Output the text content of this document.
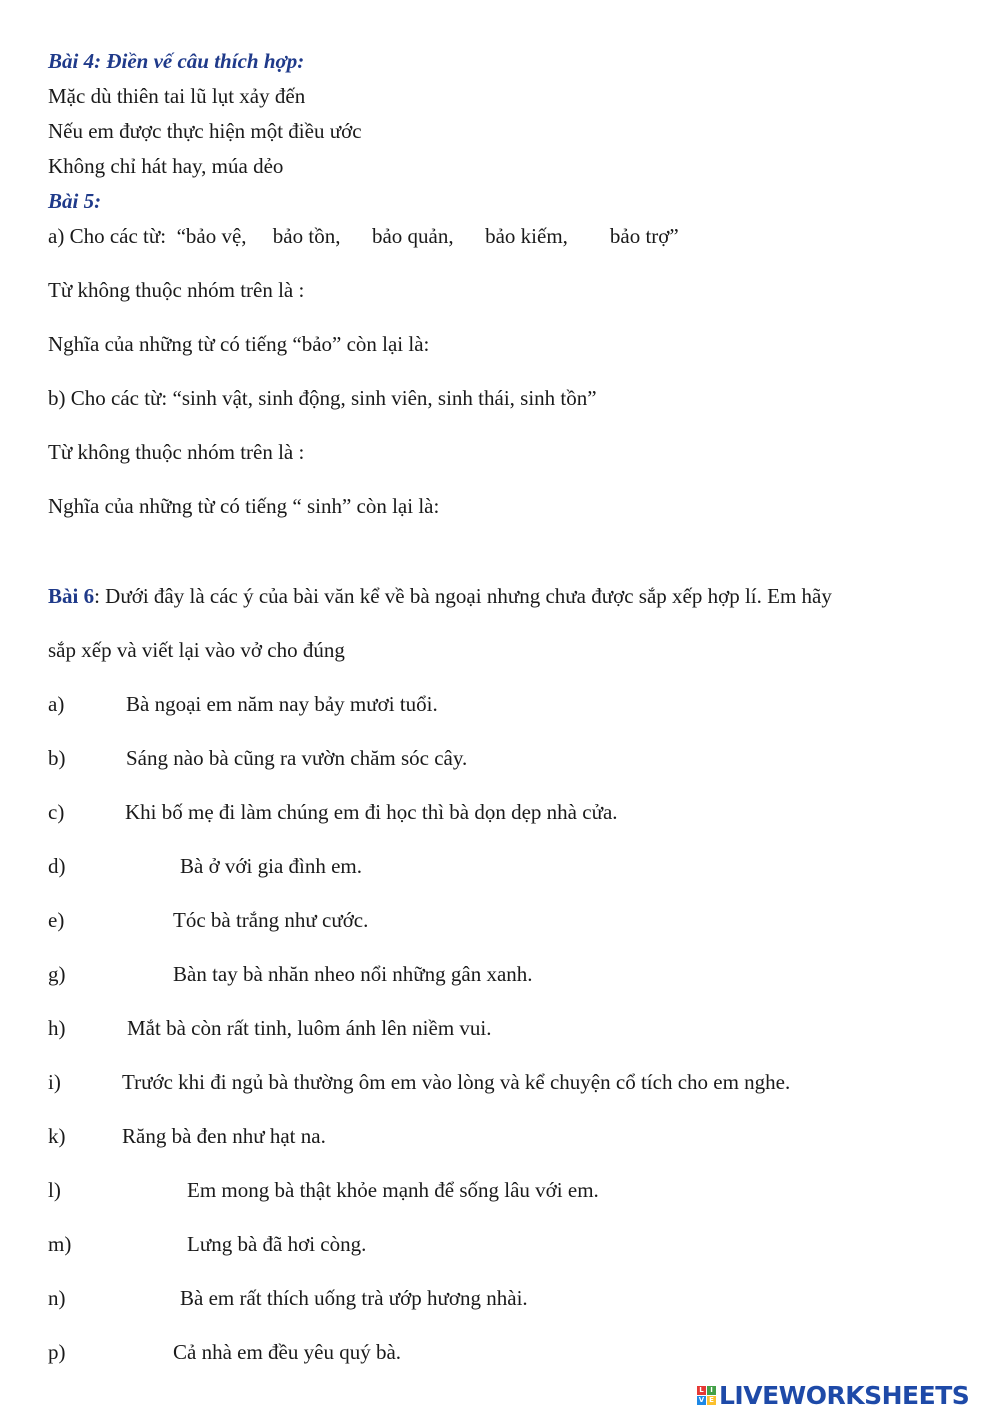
Bài 4: Điền vế câu thích hợp:
Mặc dù thiên tai lũ lụt xảy đến
Nếu em được thực hiện một điều ước
Không chỉ hát hay, múa dẻo
Bài 5:
a) Cho các từ:  “bảo vệ,     bảo tồn,      bảo quản,      bảo kiếm,        bảo trợ”
Từ không thuộc nhóm trên là :
Nghĩa của những từ có tiếng “bảo” còn lại là:
b) Cho các từ: “sinh vật, sinh động, sinh viên, sinh thái, sinh tồn”
Từ không thuộc nhóm trên là :
Nghĩa của những từ có tiếng “ sinh” còn lại là:
Bài 6: Dưới đây là các ý của bài văn kể về bà ngoại nhưng chưa được sắp xếp hợp lí. Em hãy
sắp xếp và viết lại vào vở cho đúng
a)	Bà ngoại em năm nay bảy mươi tuổi.
b)	Sáng nào bà cũng ra vườn chăm sóc cây.
c)	Khi bố mẹ đi làm chúng em đi học thì bà dọn dẹp nhà cửa.
d)	Bà ở với gia đình em.
e)	Tóc bà trắng như cước.
g)	Bàn tay bà nhăn nheo nổi những gân xanh.
h)	Mắt bà còn rất tinh, luôm ánh lên niềm vui.
i)	Trước khi đi ngủ bà thường ôm em vào lòng và kể chuyện cổ tích cho em nghe.
k)	Răng bà đen như hạt na.
l)	Em mong bà thật khỏe mạnh để sống lâu với em.
m)	Lưng bà đã hơi còng.
n)	Bà em rất thích uống trà ướp hương nhài.
p)	Cả nhà em đều yêu quý bà.
L I
V E LIVEWORKSHEETS
